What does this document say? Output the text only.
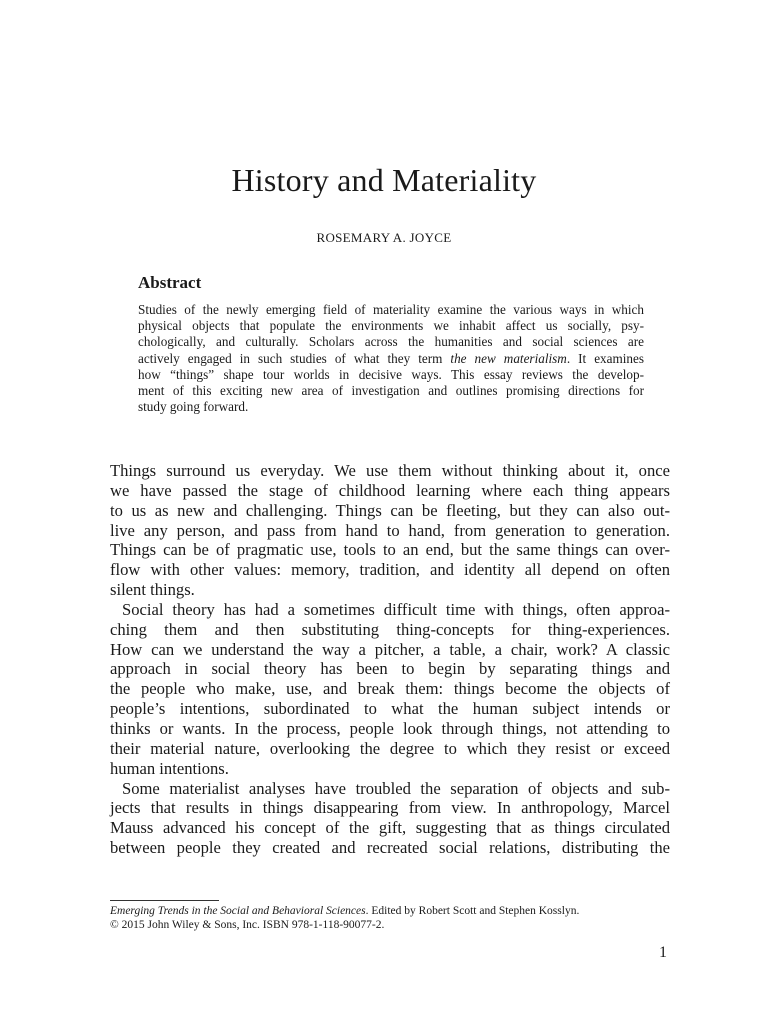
History and Materiality
ROSEMARY A. JOYCE
Abstract
Studies of the newly emerging field of materiality examine the various ways in which
physical objects that populate the environments we inhabit affect us socially, psy-
chologically, and culturally. Scholars across the humanities and social sciences are
actively engaged in such studies of what they term the new materialism. It examines
how “things” shape tour worlds in decisive ways. This essay reviews the develop-
ment of this exciting new area of investigation and outlines promising directions for
study going forward.
Things surround us everyday. We use them without thinking about it, once
we have passed the stage of childhood learning where each thing appears
to us as new and challenging. Things can be fleeting, but they can also out-
live any person, and pass from hand to hand, from generation to generation.
Things can be of pragmatic use, tools to an end, but the same things can over-
flow with other values: memory, tradition, and identity all depend on often
silent things.
Social theory has had a sometimes difficult time with things, often approa-
ching them and then substituting thing-concepts for thing-experiences.
How can we understand the way a pitcher, a table, a chair, work? A classic
approach in social theory has been to begin by separating things and
the people who make, use, and break them: things become the objects of
people’s intentions, subordinated to what the human subject intends or
thinks or wants. In the process, people look through things, not attending to
their material nature, overlooking the degree to which they resist or exceed
human intentions.
Some materialist analyses have troubled the separation of objects and sub-
jects that results in things disappearing from view. In anthropology, Marcel
Mauss advanced his concept of the gift, suggesting that as things circulated
between people they created and recreated social relations, distributing the
Emerging Trends in the Social and Behavioral Sciences. Edited by Robert Scott and Stephen Kosslyn.
© 2015 John Wiley & Sons, Inc. ISBN 978-1-118-90077-2.
1
